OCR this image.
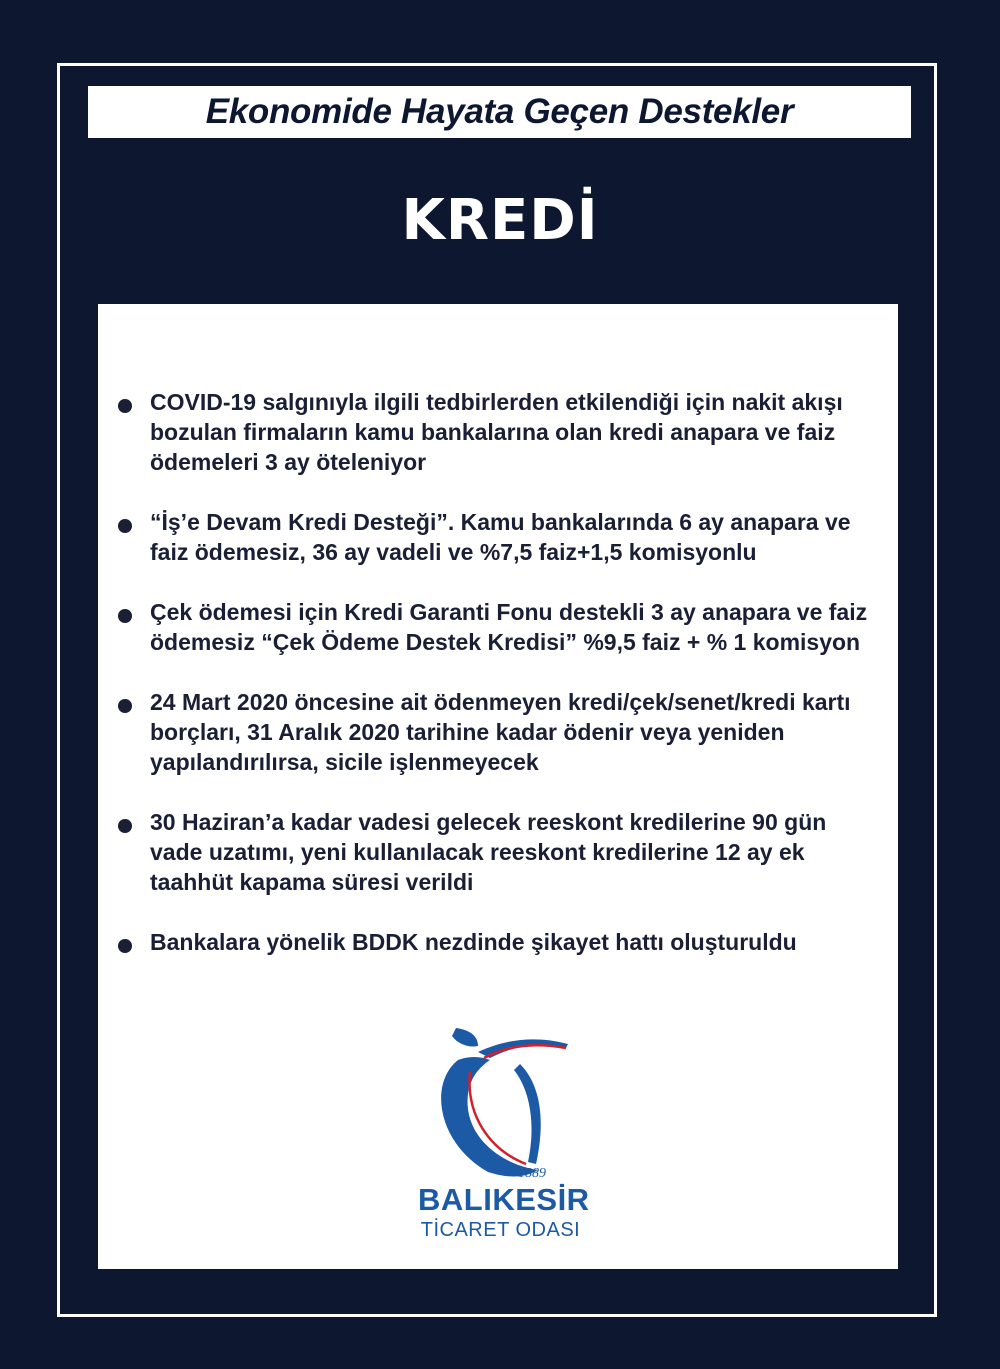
Ekonomide Hayata Geçen Destekler
KREDİ
COVID-19 salgınıyla ilgili tedbirlerden etkilendiği için nakit akışı bozulan firmaların kamu bankalarına olan kredi anapara ve faiz ödemeleri 3 ay öteleniyor
“İş’e Devam Kredi Desteği”. Kamu bankalarında 6 ay anapara ve faiz ödemesiz, 36 ay vadeli ve %7,5 faiz+1,5 komisyonlu
Çek ödemesi için Kredi Garanti Fonu destekli 3 ay anapara ve faiz ödemesiz “Çek Ödeme Destek Kredisi” %9,5 faiz + % 1 komisyon
24 Mart 2020 öncesine ait ödenmeyen kredi/çek/senet/kredi kartı borçları, 31 Aralık 2020 tarihine kadar ödenir veya yeniden yapılandırılırsa, sicile işlenmeyecek
30 Haziran’a kadar vadesi gelecek reeskont kredilerine 90 gün vade uzatımı, yeni kullanılacak reeskont kredilerine 12 ay ek taahhüt kapama süresi verildi
Bankalara yönelik BDDK nezdinde şikayet hattı oluşturuldu
1889
BALIKESİR
TİCARET ODASI
